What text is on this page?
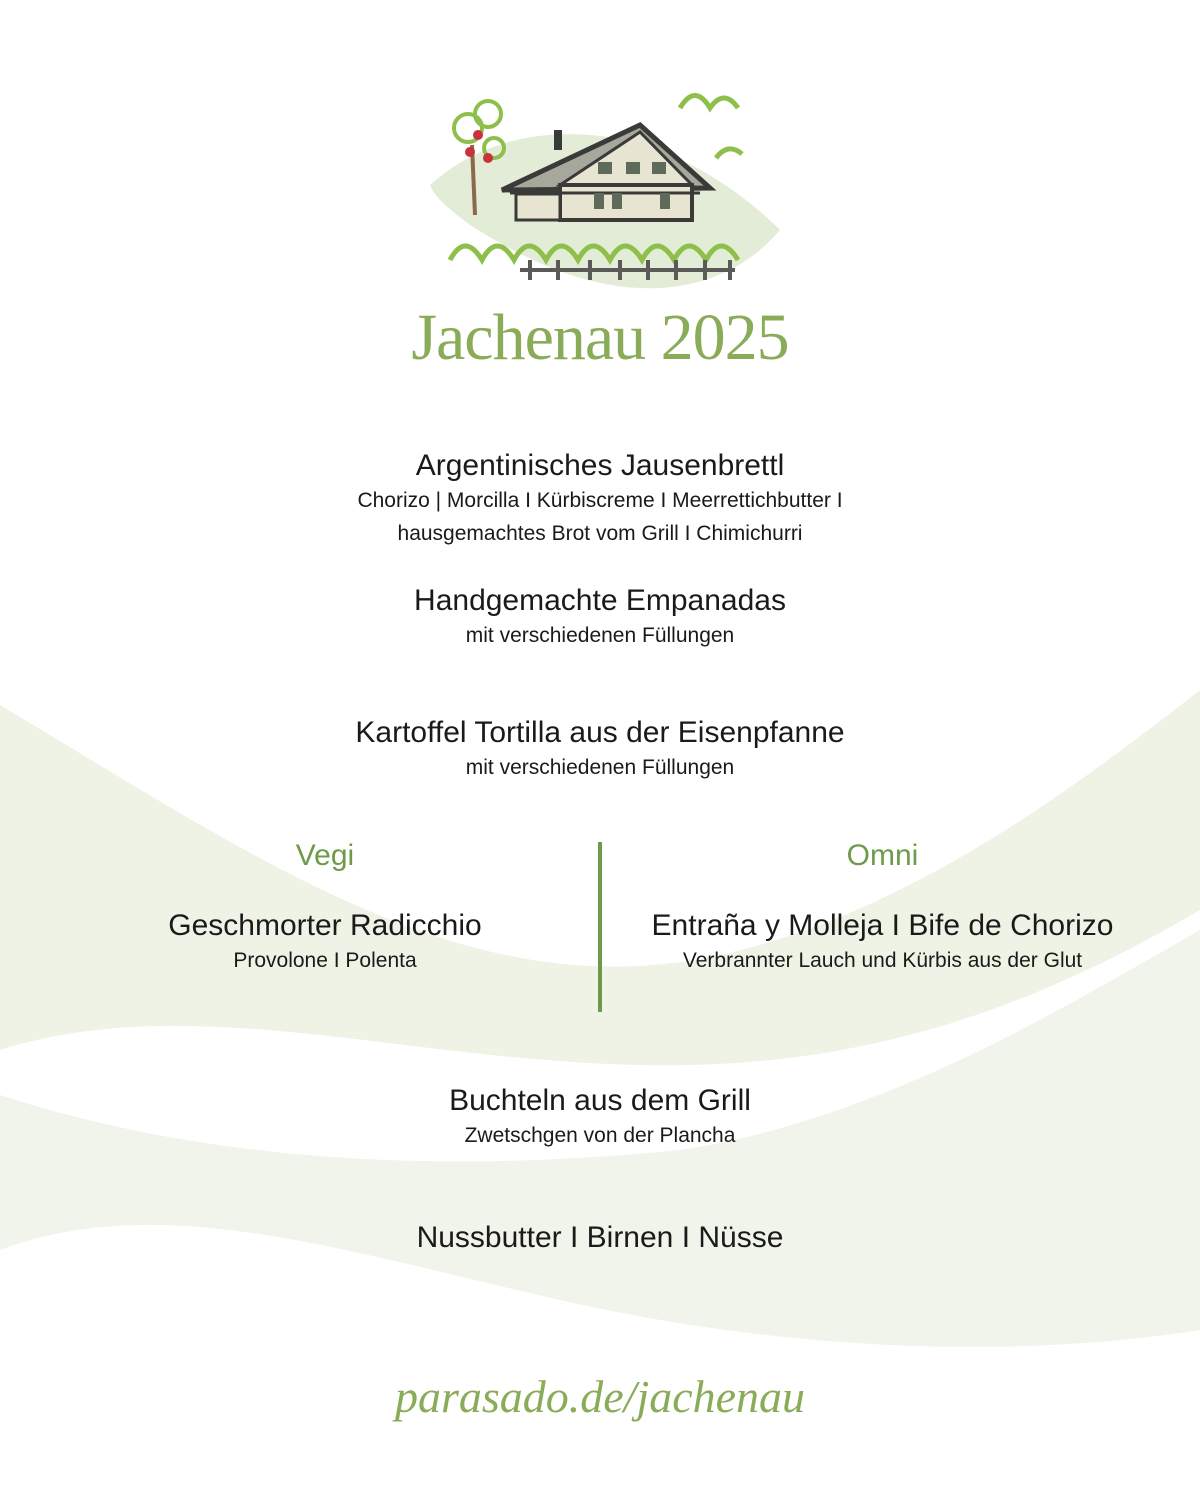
Jachenau 2025
Argentinisches Jausenbrettl
Chorizo | Morcilla I Kürbiscreme I Meerrettichbutter I
hausgemachtes Brot vom Grill I Chimichurri
Handgemachte Empanadas
mit verschiedenen Füllungen
Kartoffel Tortilla aus der Eisenpfanne
mit verschiedenen Füllungen
Vegi
Geschmorter Radicchio
Provolone I Polenta
Omni
Entraña y Molleja I Bife de Chorizo
Verbrannter Lauch und Kürbis aus der Glut
Buchteln aus dem Grill
Zwetschgen von der Plancha
Nussbutter I Birnen I Nüsse
parasado.de/jachenau
